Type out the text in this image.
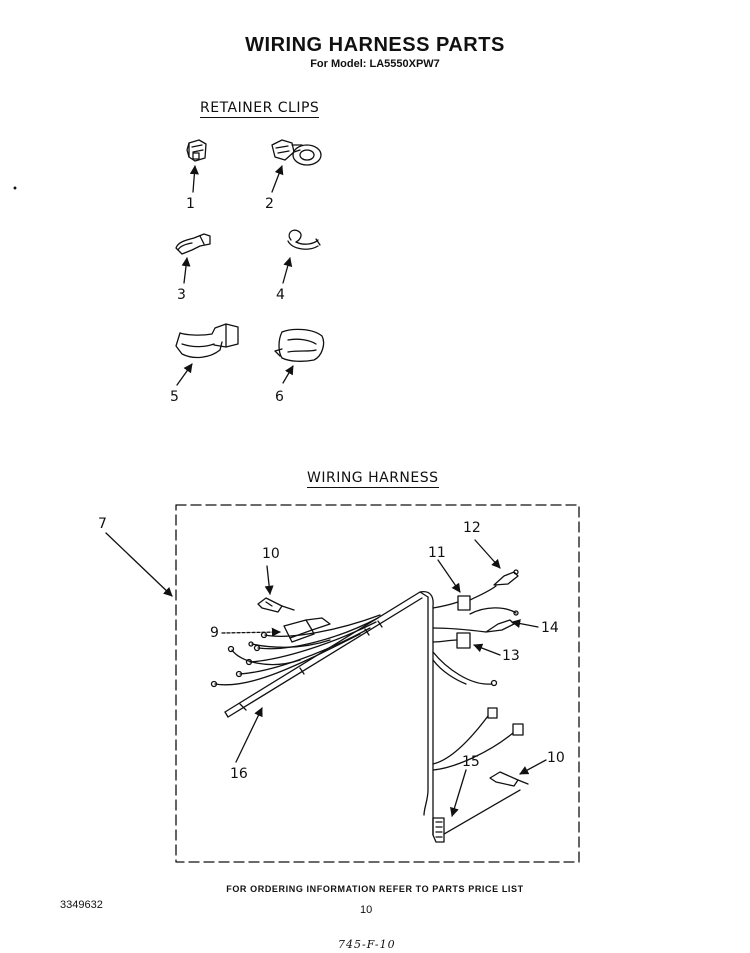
WIRING HARNESS PARTS
For Model: LA5550XPW7
RETAINER CLIPS
WIRING HARNESS
1	2
3	4
5	6
7
10
12
11
9	14
13
16
15	10
FOR ORDERING INFORMATION REFER TO PARTS PRICE LIST
3349632	10
745-F-10
